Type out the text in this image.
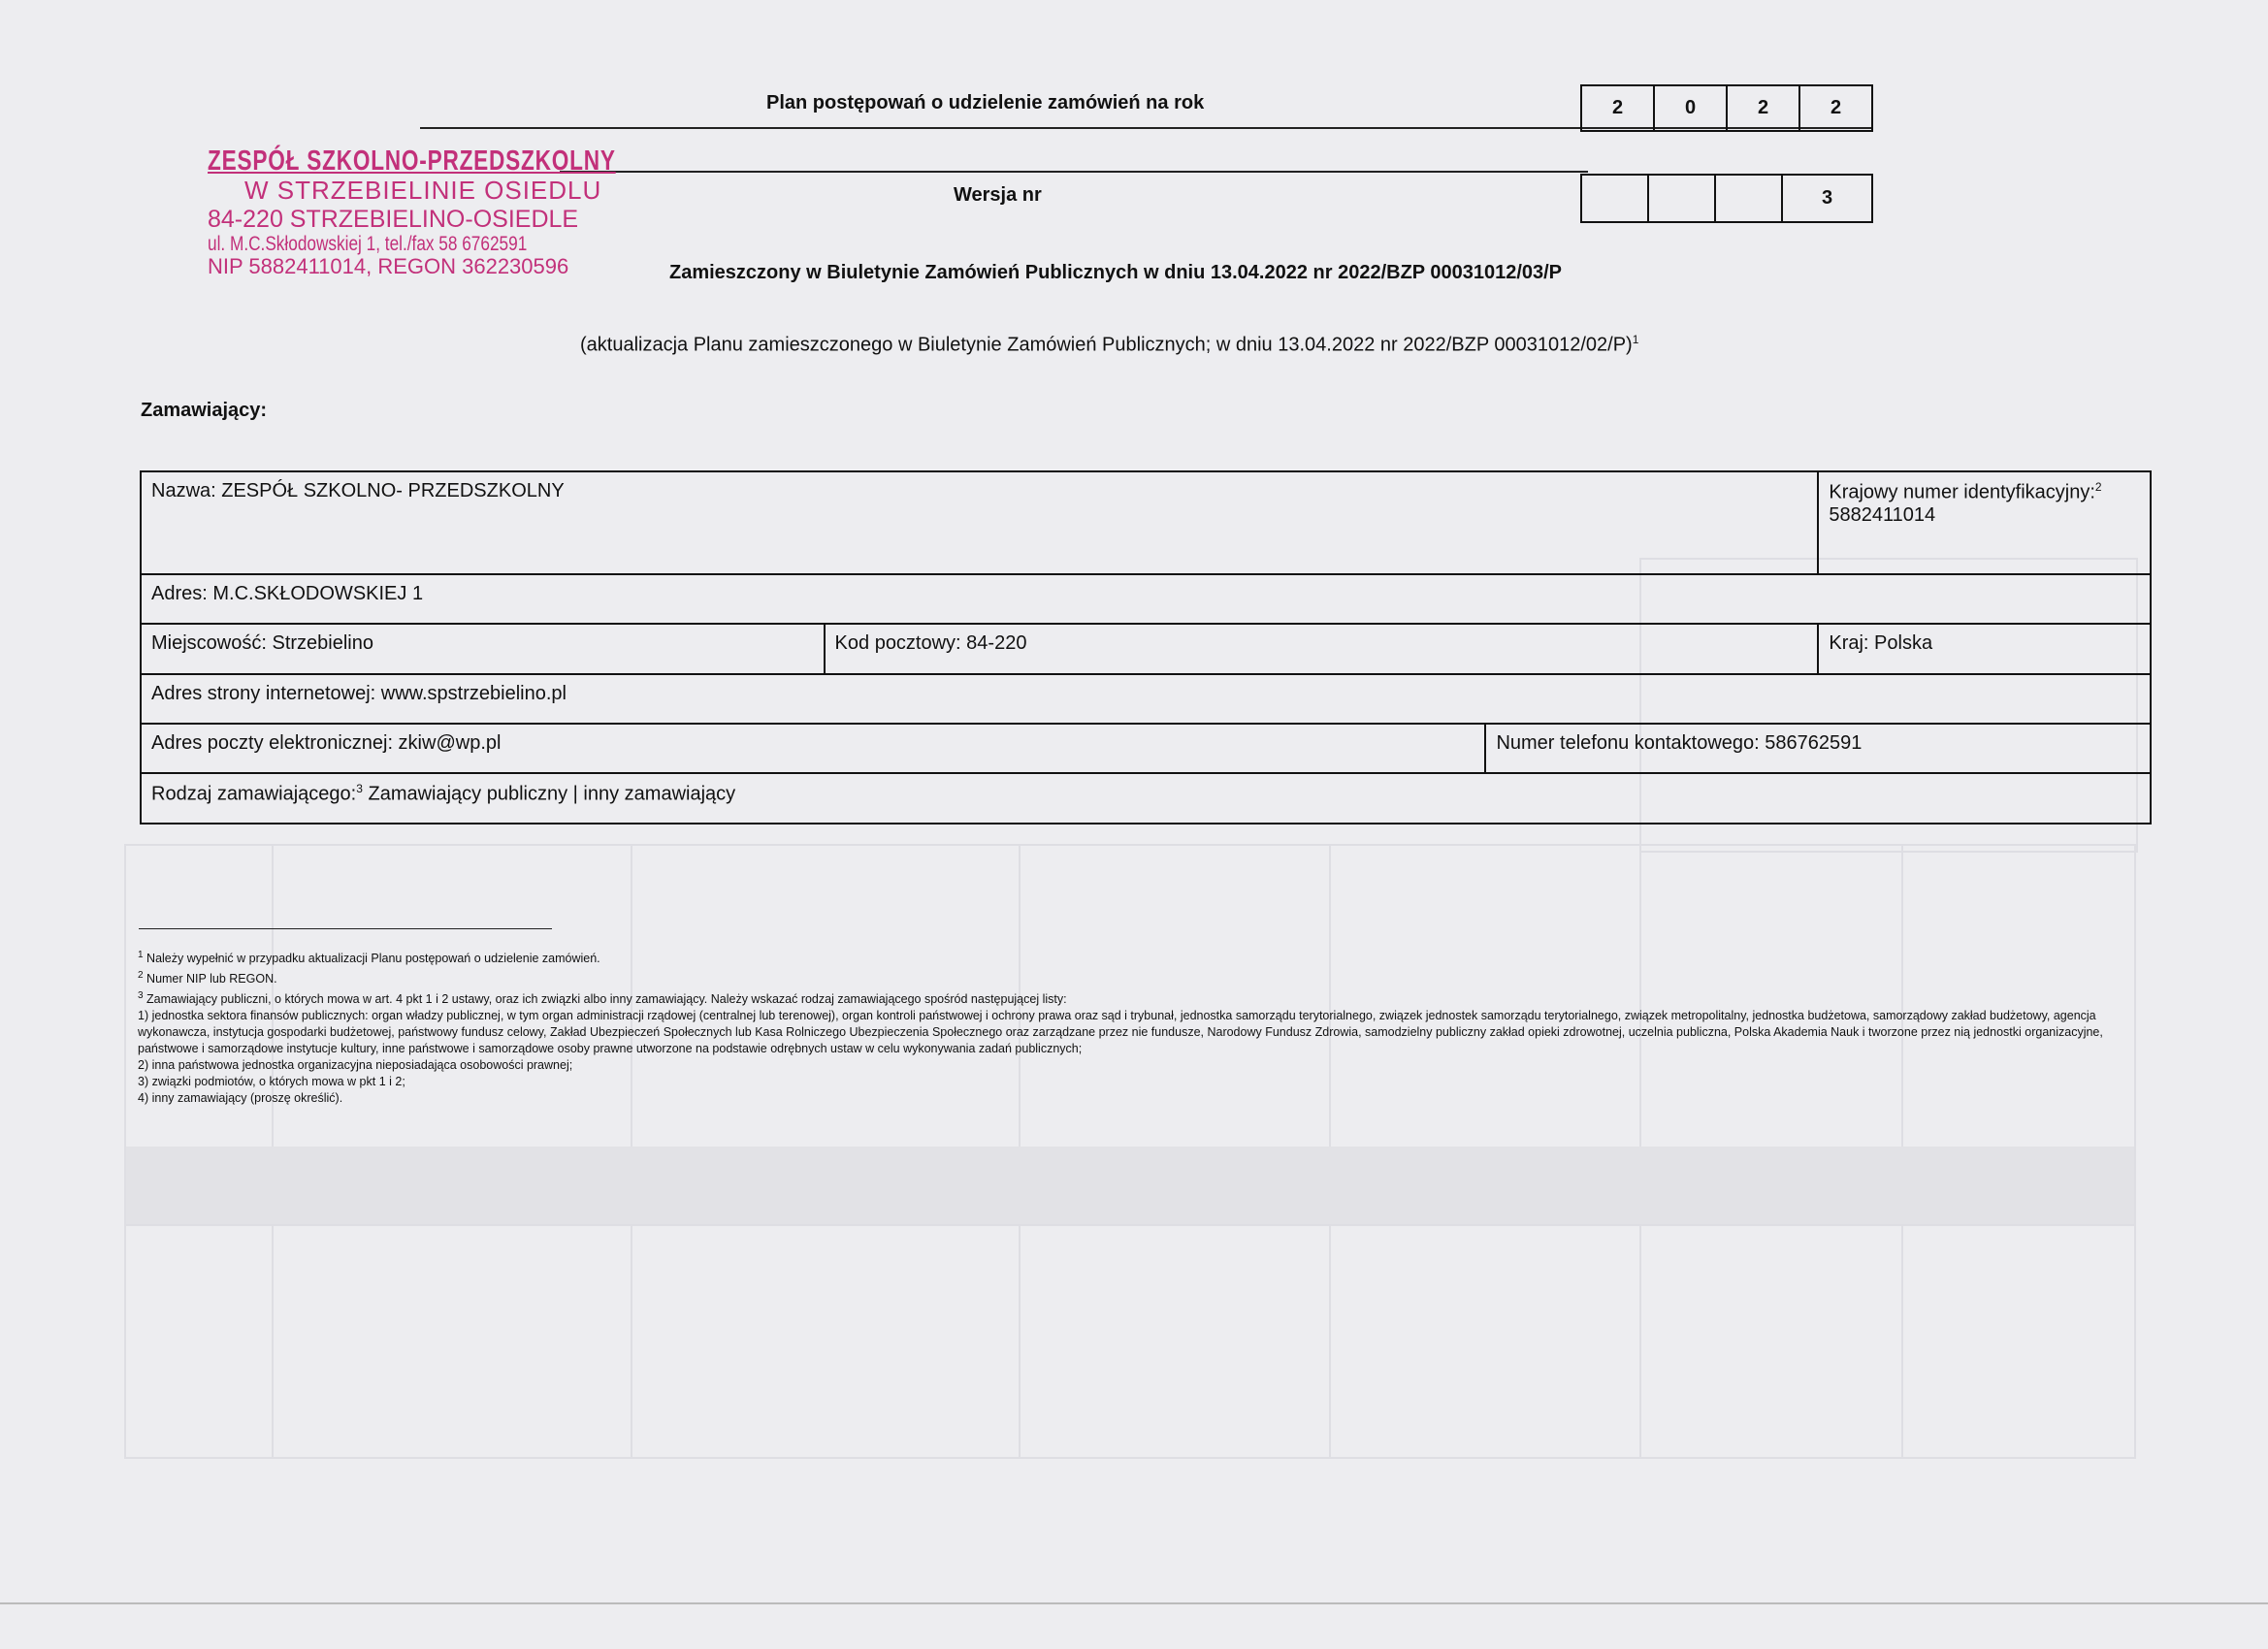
Plan postępowań o udzielenie zamówień na rok	2	0	2	2
Wersja nr	3
ZESPÓŁ SZKOLNO-PRZEDSZKOLNY
W STRZEBIELINIE OSIEDLU
84-220 STRZEBIELINO-OSIEDLE
ul. M.C.Skłodowskiej 1, tel./fax 58 6762591
NIP 5882411014, REGON 362230596	Zamieszczony w Biuletynie Zamówień Publicznych w dniu 13.04.2022 nr 2022/BZP 00031012/03/P
(aktualizacja Planu zamieszczonego w Biuletynie Zamówień Publicznych; w dniu 13.04.2022 nr 2022/BZP 00031012/02/P)$^1$
Zamawiający:
Nazwa: ZESPÓŁ SZKOLNO- PRZEDSZKOLNY			Krajowy numer identyfikacyjny:$^2$ 5882411014
Adres: M.C.SKŁODOWSKIEJ 1			
Miejscowość: Strzebielino	Kod pocztowy: 84-220		Kraj: Polska
Adres strony internetowej: www.spstrzebielino.pl			
Adres poczty elektronicznej: zkiw@wp.pl		Numer telefonu kontaktowego: 586762591	
Rodzaj zamawiającego:$^3$ Zamawiający publiczny | inny zamawiający			

$^1$ Należy wypełnić w przypadku aktualizacji Planu postępowań o udzielenie zamówień.

$^2$ Numer NIP lub REGON.

$^3$ Zamawiający publiczni, o których mowa w art. 4 pkt 1 i 2 ustawy, oraz ich związki albo inny zamawiający. Należy wskazać rodzaj zamawiającego spośród następującej listy:

1) jednostka sektora finansów publicznych: organ władzy publicznej, w tym organ administracji rządowej (centralnej lub terenowej), organ kontroli państwowej i ochrony prawa oraz sąd i trybunał, jednostka samorządu terytorialnego, związek jednostek samorządu terytorialnego, związek metropolitalny, jednostka budżetowa, samorządowy zakład budżetowy, agencja wykonawcza, instytucja gospodarki budżetowej, państwowy fundusz celowy, Zakład Ubezpieczeń Społecznych lub Kasa Rolniczego Ubezpieczenia Społecznego oraz zarządzane przez nie fundusze, Narodowy Fundusz Zdrowia, samodzielny publiczny zakład opieki zdrowotnej, uczelnia publiczna, Polska Akademia Nauk i tworzone przez nią jednostki organizacyjne, państwowe i samorządowe instytucje kultury, inne państwowe i samorządowe osoby prawne utworzone na podstawie odrębnych ustaw w celu wykonywania zadań publicznych;

2) inna państwowa jednostka organizacyjna nieposiadająca osobowości prawnej;

3) związki podmiotów, o których mowa w pkt 1 i 2;

4) inny zamawiający (proszę określić).
